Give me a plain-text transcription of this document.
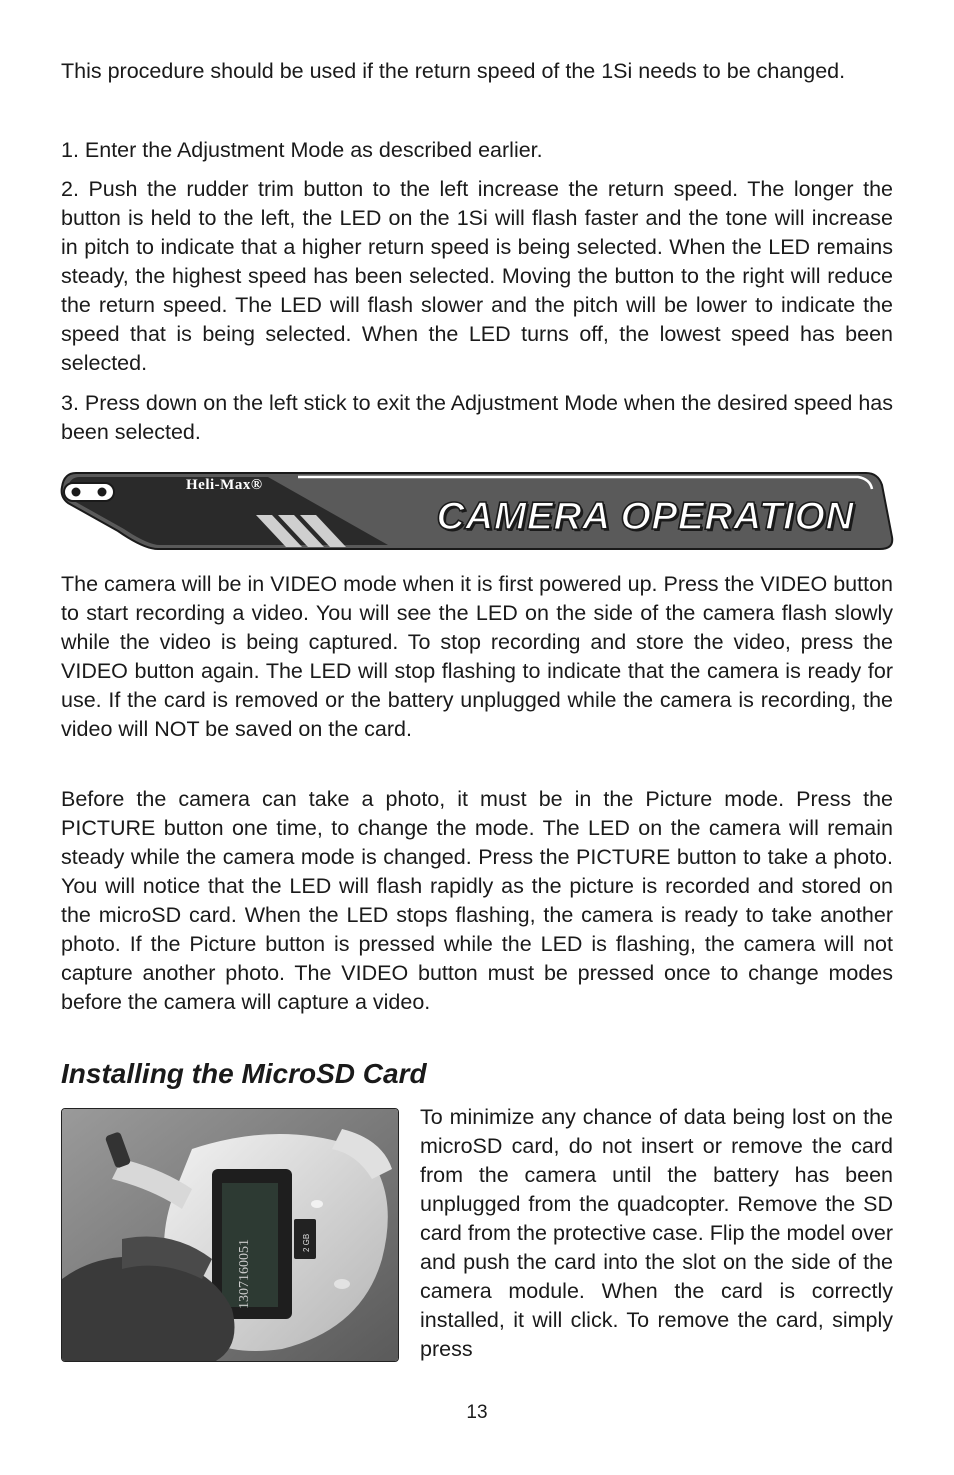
This procedure should be used if the return speed of the 1Si needs to be changed.

1. Enter the Adjustment Mode as described earlier.

2. Push the rudder trim button to the left increase the return speed. The longer the button is held to the left, the LED on the 1Si will flash faster and the tone will increase in pitch to indicate that a higher return speed is being selected. When the LED remains steady, the highest speed has been selected. Moving the button to the right will reduce the return speed. The LED will flash slower and the pitch will be lower to indicate the speed that is being selected. When the LED turns off, the lowest speed has been selected.

3. Press down on the left stick to exit the Adjustment Mode when the desired speed has been selected.

Heli-Max®
CAMERA OPERATION

The camera will be in VIDEO mode when it is first powered up. Press the VIDEO button to start recording a video. You will see the LED on the side of the camera flash slowly while the video is being captured. To stop recording and store the video, press the VIDEO button again. The LED will stop flashing to indicate that the camera is ready for use. If the card is removed or the battery unplugged while the camera is recording, the video will NOT be saved on the card.

Before the camera can take a photo, it must be in the Picture mode. Press the PICTURE button one time, to change the mode. The LED on the camera will remain steady while the camera mode is changed. Press the PICTURE button to take a photo. You will notice that the LED will flash rapidly as the picture is recorded and stored on the microSD card. When the LED stops flashing, the camera is ready to take another photo. If the Picture button is pressed while the LED is flashing, the camera will not capture another photo. The VIDEO button must be pressed once to change modes before the camera will capture a video.

Installing the MicroSD Card
1307160051	2 GB

To minimize any chance of data being lost on the microSD card, do not insert or remove the card from the camera until the battery has been unplugged from the quadcopter. Remove the SD card from the protective case. Flip the model over and push the card into the slot on the side of the camera module. When the card is correctly installed, it will click. To remove the card, simply press

13
